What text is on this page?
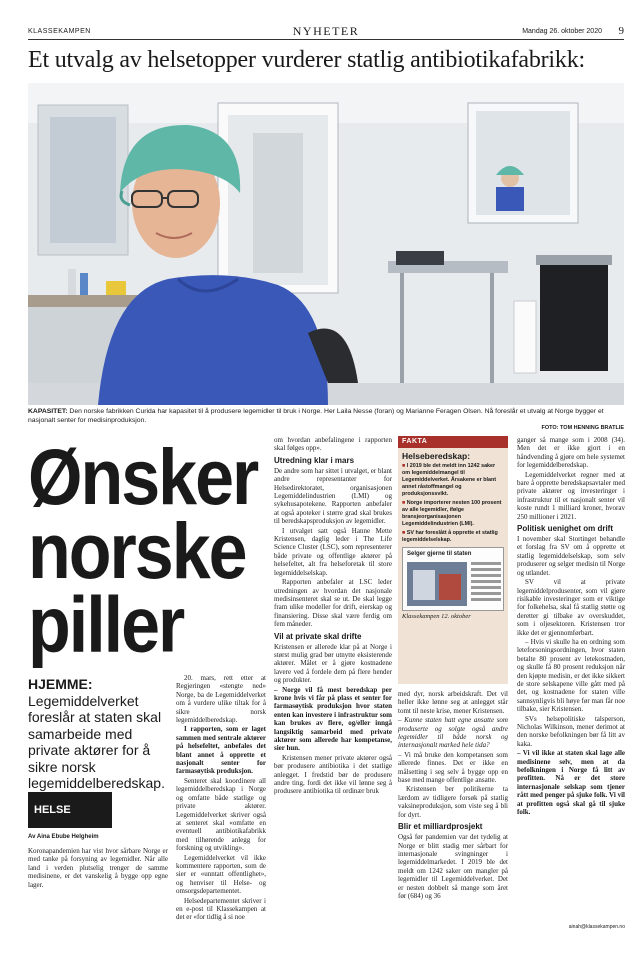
KLASSEKAMPEN	NYHETER	Mandag 26. oktober 2020 9
Et utvalg av helsetopper vurderer statlig antibiotikafabrikk:
KAPASITET: Den norske fabrikken Curida har kapasitet til å produsere legemidler til bruk i Norge. Her Laila Nesse (foran) og Marianne Feragen Olsen. Nå foreslår et utvalg at Norge bygger et nasjonalt senter for medisinproduksjon.
FOTO: TOM HENNING BRATLIE
Ønsker
norske
piller
HJEMME: Legemiddelverket foreslår at staten skal samarbeide med private aktører for å sikre norsk legemiddelberedskap.
HELSE
Av Aina Ebube Helgheim

Koronapandemien har vist hvor sårbare Norge er med tanke på forsyning av legemidler. Når alle land i verden plutselig trenger de samme medisinene, er det vanskelig å bygge opp egne lager.

20. mars, rett etter at Regjeringen «stengte ned» Norge, ba de Legemiddelverket om å vurdere ulike tiltak for å sikre norsk legemiddelberedskap.

I rapporten, som er laget sammen med sentrale aktører på helsefeltet, anbefales det blant annet å opprette et nasjonalt senter for farmasøytisk produksjon.

Senteret skal koordinere all legemiddelberedskap i Norge og omfatte både statlige og private aktører. Legemiddelverket skriver også at senteret skal «omfatte en eventuell antibiotikafabrikk med tilhørende anlegg for forskning og utvikling».

Legemiddelverket vil ikke kommentere rapporten, som de sier er «unntatt offentlighet», og henviser til Helse- og omsorgsdepartementet.

Helsedepartementet skriver i en e-post til Klassekampen at det er «for tidlig å si noe

om hvordan anbefalingene i rapporten skal følges opp».

Utredning klar i mars

De andre som har sittet i utvalget, er blant andre representanter for Helsedirektoratet, organisasjonen Legemiddelindustrien (LMI) og sykehusapotekene. Rapporten anbefaler at også apoteker i større grad skal brukes til beredskapsproduksjon av legemidler.

I utvalget satt også Hanne Mette Kristensen, daglig leder i The Life Science Cluster (LSC), som representerer både private og offentlige aktører på helsefeltet, alt fra helseforetak til store legemiddelselskap.

Rapporten anbefaler at LSC leder utredningen av hvordan det nasjonale medisinsenteret skal se ut. De skal legge fram ulike modeller for drift, eierskap og finansiering. Disse skal være ferdig om fem måneder.

Vil at private skal drifte

Kristensen er allerede klar på at Norge i størst mulig grad bør utnytte eksisterende aktører. Målet er å gjøre kostnadene lavere ved å fordele dem på flere hender og produkter.

– Norge vil få mest beredskap per krone hvis vi får på plass et senter for farmasøytisk produksjon hvor staten enten kan investere i infrastruktur som kan brukes av flere, og/eller inngå langsiktig samarbeid med private aktører som allerede har kompetanse, sier hun.

Kristensen mener private aktører også bør produsere antibiotika i det statlige anlegget. I fredstid bør de produsere andre ting, fordi det ikke vil lønne seg å produsere antibiotika til ordinær bruk

FAKTA
Helseberedskap:
■ I 2019 ble det meldt inn 1242 saker om legemiddelmangel til Legemiddelverket. Årsakene er blant annet råstoffmangel og produksjonssvikt.
■ Norge importerer nesten 100 prosent av alle legemidler, ifølge bransjeorganisasjonen Legemiddelindustrien (LMI).
■ SV har foreslått å opprette et statlig legemiddelselskap.
Selger gjerne til staten
Klassekampen 12. oktober

med dyr, norsk arbeidskraft. Det vil heller ikke lønne seg at anlegget står tomt til neste krise, mener Kristensen.

– Kunne staten hatt egne ansatte som produserte og solgte også andre legemidler til både norsk og internasjonalt marked hele tida?

– Vi må bruke den kompetansen som allerede finnes. Det er ikke en målsetting i seg selv å bygge opp en base med mange offentlige ansatte.

Kristensen ber politikerne ta lærdom av tidligere forsøk på statlig vaksineproduksjon, som viste seg å bli for dyrt.

Blir et milliardprosjekt

Også før pandemien var det tydelig at Norge er blitt stadig mer sårbart for internasjonale svingninger i legemiddelmarkedet. I 2019 ble det meldt om 1242 saker om mangler på legemidler til Legemiddelverket. Det er nesten dobbelt så mange som året før (684) og 36

ganger så mange som i 2008 (34). Men det er ikke gjort i en håndvending å gjøre om hele systemet for legemiddelberedskap.

Legemiddelverket regner med at bare å opprette beredskapsavtaler med private aktører og investeringer i infrastruktur til et nasjonalt senter vil koste rundt 1 milliard kroner, hvorav 250 millioner i 2021.

Politisk uenighet om drift

I november skal Stortinget behandle et forslag fra SV om å opprette et statlig legemiddelselskap, som selv produserer og selger medisin til Norge og utlandet.

SV vil at private legemiddelprodusenter, som vil gjøre risikable investeringer som er viktige for folkehelsa, skal få statlig støtte og deretter gi tilbake av overskuddet, som i oljesektoren. Kristensen tror ikke det er gjennomførbart.

– Hvis vi skulle ha en ordning som leteforsoningsordningen, hvor staten betalte 80 prosent av letekostnaden, og skulle få 80 prosent reduksjon når den kjøpte medisin, er det ikke sikkert de store selskapene ville gått med på det, og kostnadene for staten ville sannsynligvis bli høye før man får noe tilbake, sier Kristensen.

SVs helsepolitiske talsperson, Nicholas Wilkinson, mener derimot at den norske befolkningen bør få litt av kaka.

– Vi vil ikke at staten skal lage alle medisinene selv, men at da befolkningen i Norge få litt av profitten. Nå er det store internasjonale selskap som tjener rått med penger på sjuke folk. Vi vil at profitten også skal gå til sjuke folk.

ainah@klassekampen.no
